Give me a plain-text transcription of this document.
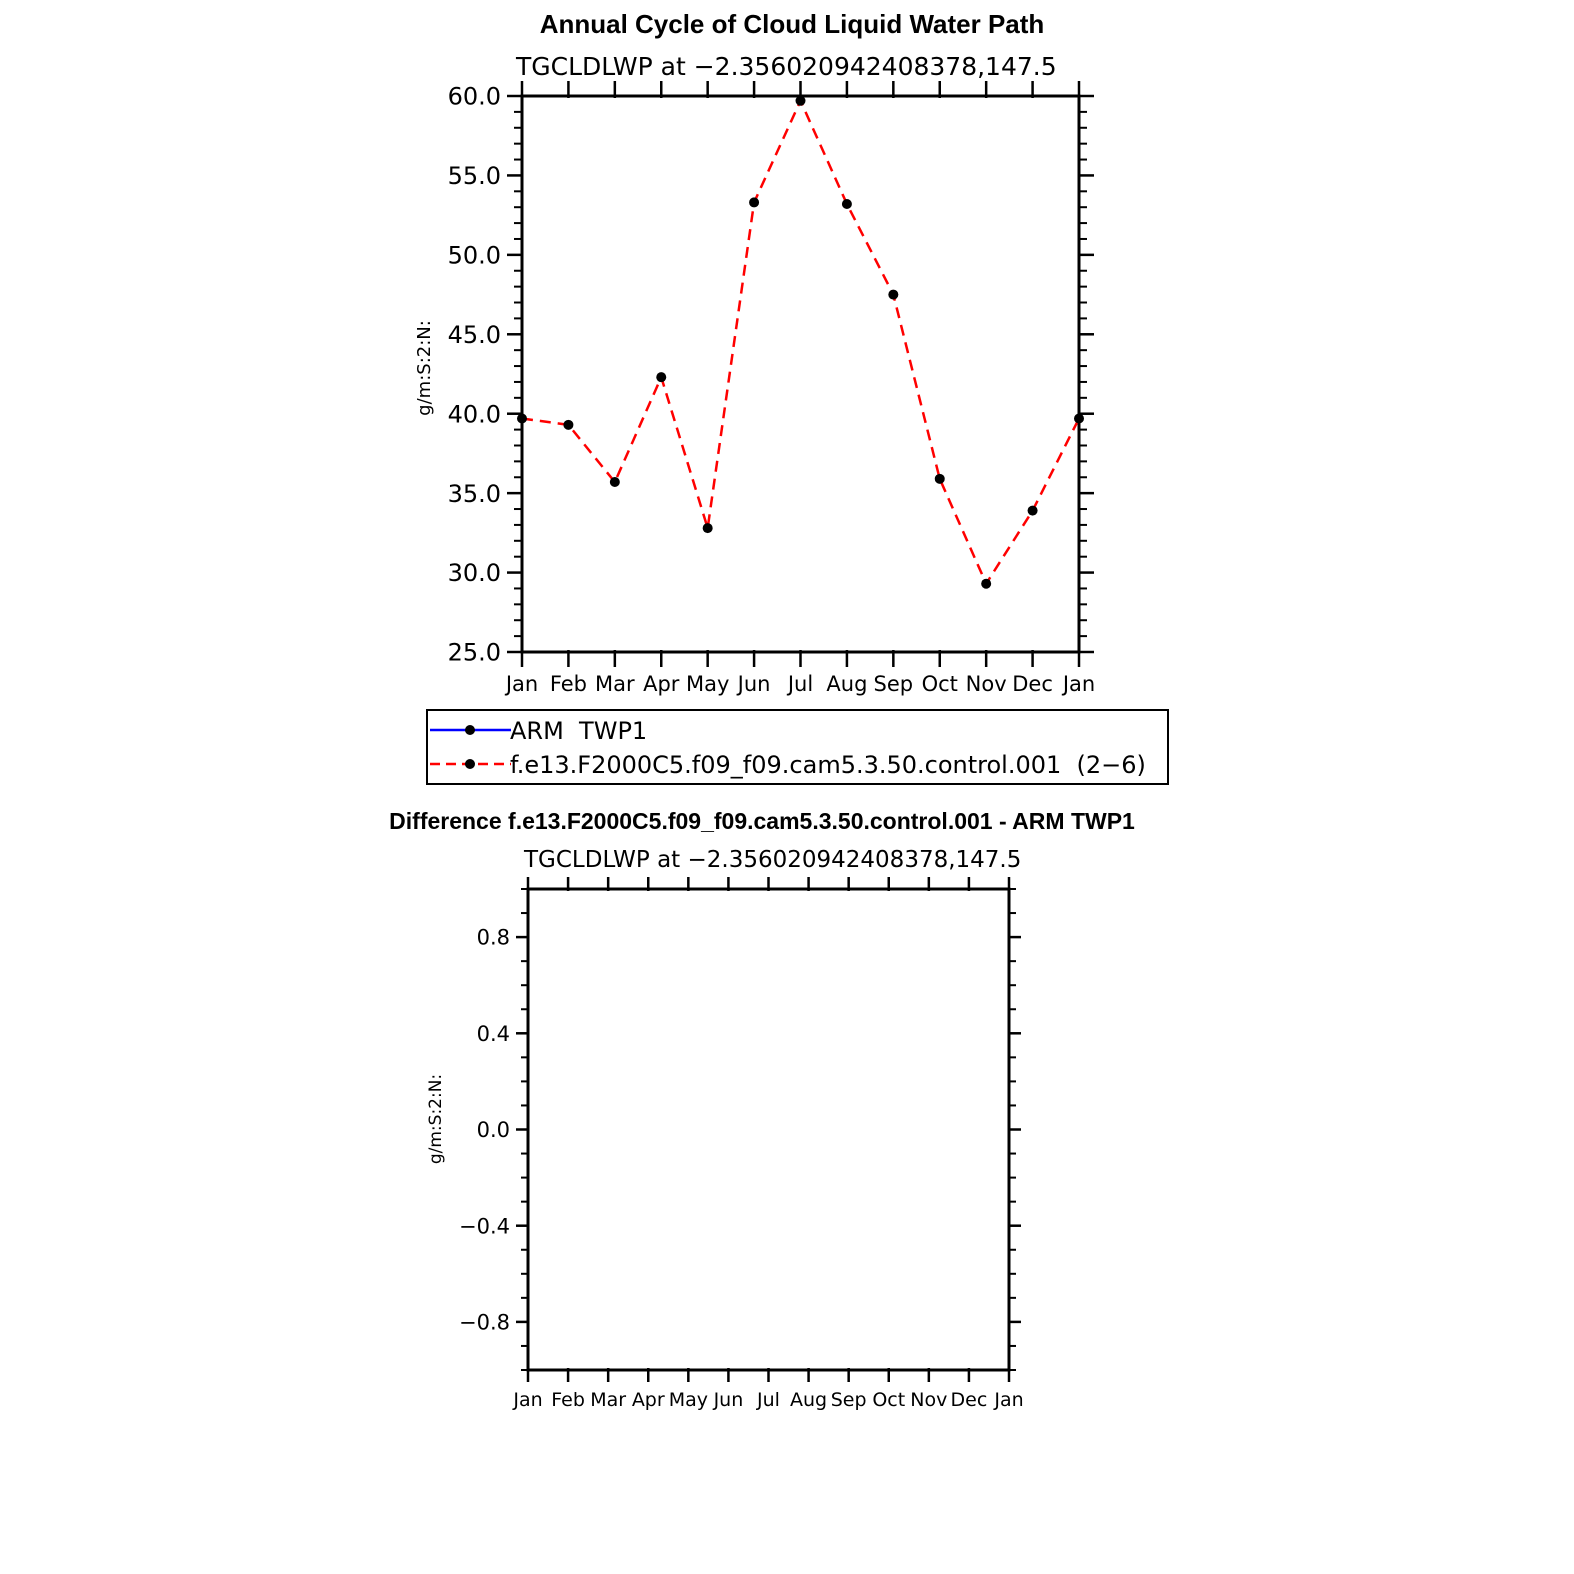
Annual Cycle of Cloud Liquid Water Path
TGCLDLWP at −2.356020942408378,147.5
g/m:S:2:N:
Jan Feb Mar Apr May Jun Jul Aug Sep Oct Nov Dec Jan
25.0
30.0
35.0
40.0
45.0
50.0
55.0
60.0
ARM  TWP1
f.e13.F2000C5.f09_f09.cam5.3.50.control.001  (2−6)
Difference f.e13.F2000C5.f09_f09.cam5.3.50.control.001 - ARM TWP1
TGCLDLWP at −2.356020942408378,147.5
g/m:S:2:N:
Jan Feb Mar Apr May Jun Jul Aug Sep Oct Nov Dec Jan
−0.8
−0.4
0.0
0.4
0.8
